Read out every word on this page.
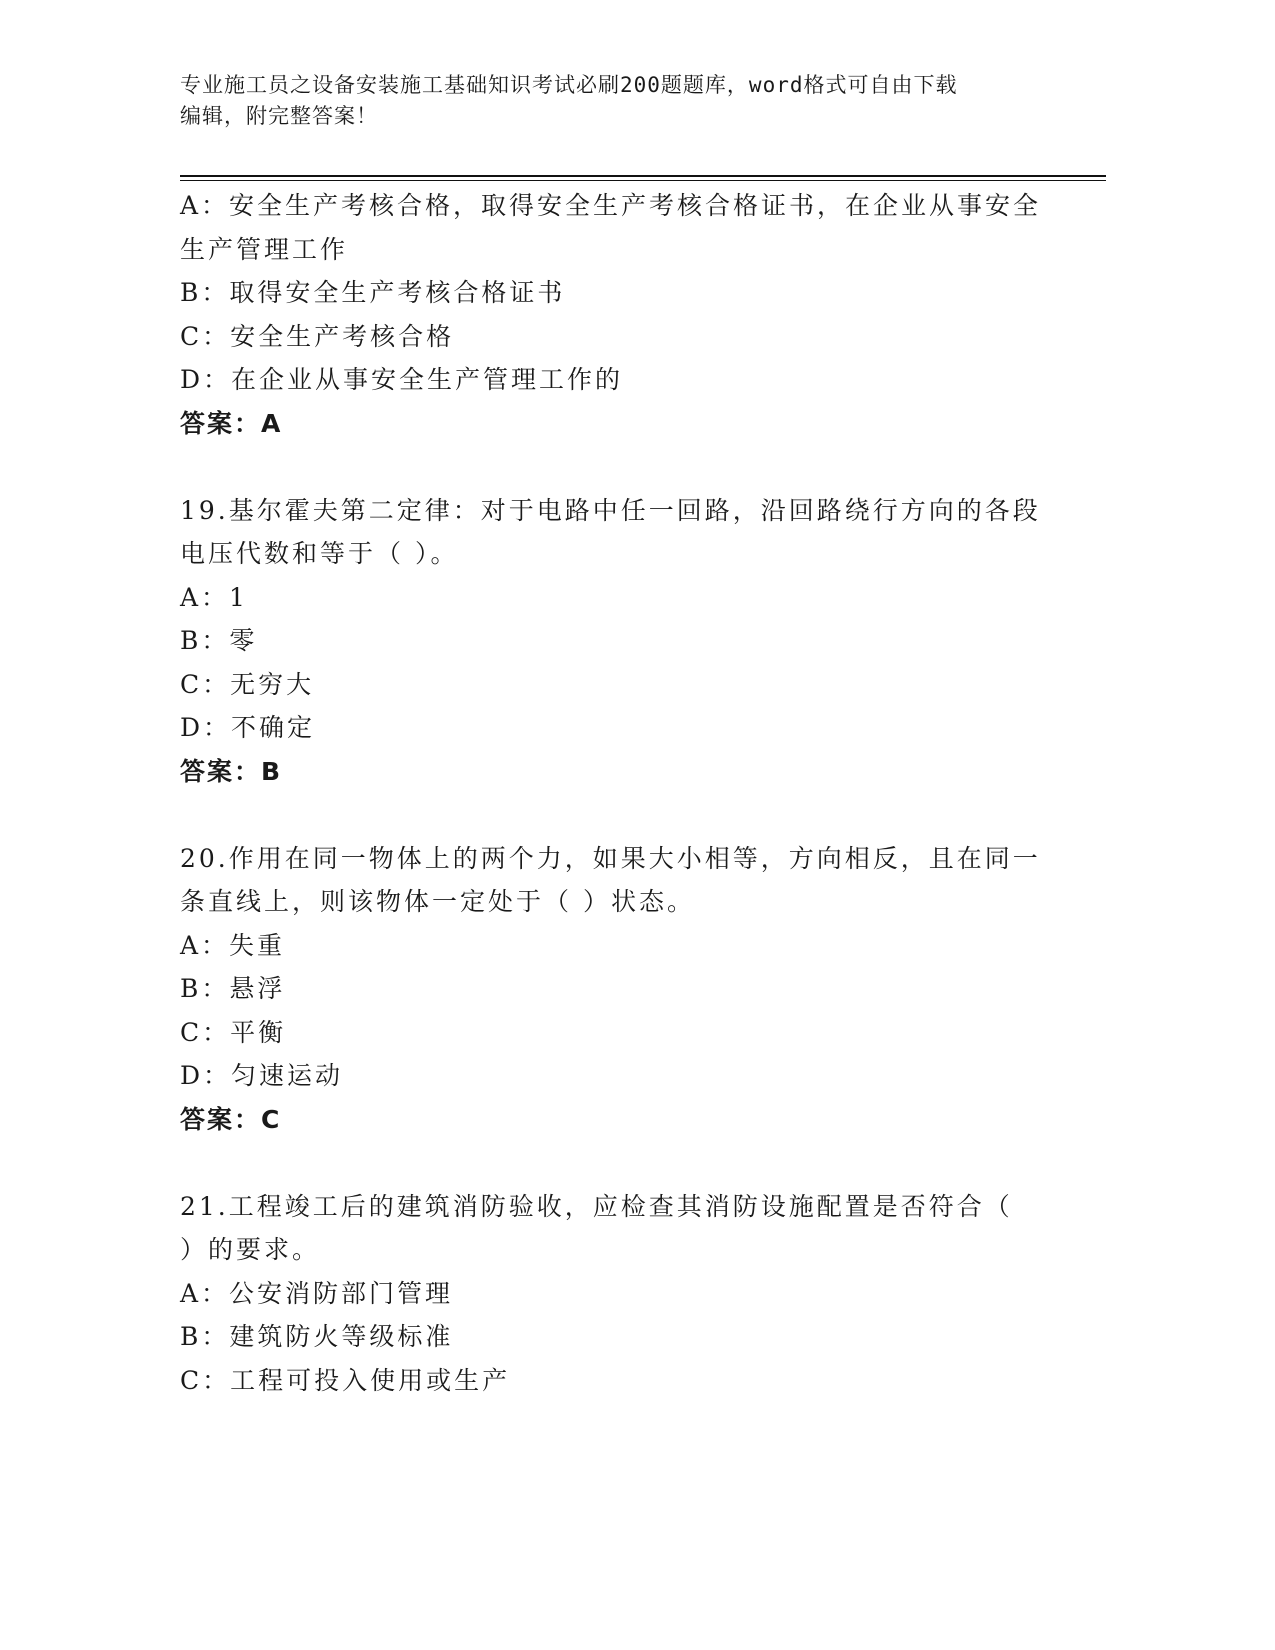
专业施工员之设备安装施工基础知识考试必刷200题题库，word格式可自由下载
编辑，附完整答案！
A：安全生产考核合格，取得安全生产考核合格证书，在企业从事安全
生产管理工作
B：取得安全生产考核合格证书
C：安全生产考核合格
D：在企业从事安全生产管理工作的
答案：A
19.基尔霍夫第二定律：对于电路中任一回路，沿回路绕行方向的各段
电压代数和等于（ ）。
A：1
B：零
C：无穷大
D：不确定
答案：B
20.作用在同一物体上的两个力，如果大小相等，方向相反，且在同一
条直线上，则该物体一定处于（ ）状态。
A：失重
B：悬浮
C：平衡
D：匀速运动
答案：C
21.工程竣工后的建筑消防验收，应检查其消防设施配置是否符合（
）的要求。
A：公安消防部门管理
B：建筑防火等级标准
C：工程可投入使用或生产
